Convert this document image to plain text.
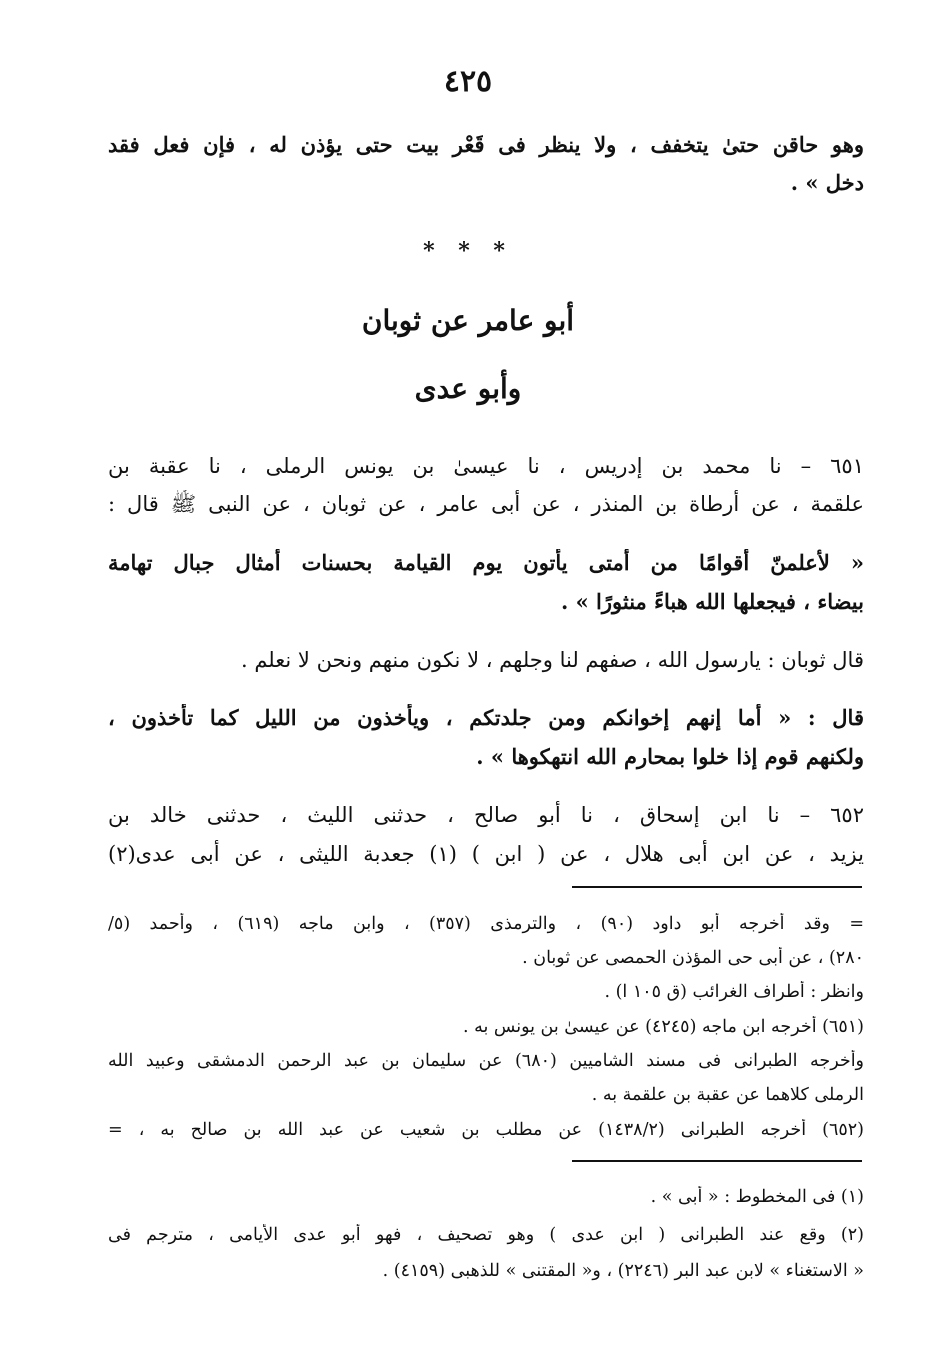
٤٢٥
وهو حاقن حتىٰ يتخفف ، ولا ينظر فى قَعْر بيت حتى يؤذن له ، فإن فعل فقد
دخل » .
* * *
أبو عامر عن ثوبان
وأبو عدى
٦٥١ – نا محمد بن إدريس ، نا عيسىٰ بن يونس الرملى ، نا عقبة بن
علقمة ، عن أرطاة بن المنذر ، عن أبى عامر ، عن ثوبان ، عن النبى ﷺ قال :
« لأعلمنّ أقوامًا من أمتى يأتون يوم القيامة بحسنات أمثال جبال تهامة
بيضاء ، فيجعلها الله هباءً منثورًا » .
قال ثوبان : يارسول الله ، صفهم لنا وجلهم ، لا نكون منهم ونحن لا نعلم .
قال : « أما إنهم إخوانكم ومن جلدتكم ، ويأخذون من الليل كما تأخذون ،
ولكنهم قوم إذا خلوا بمحارم الله انتهكوها » .
٦٥٢ – نا ابن إسحاق ، نا أبو صالح ، حدثنى الليث ، حدثنى خالد بن
يزيد ، عن ابن أبى هلال ، عن ( ابن ) (١) جعدبة الليثى ، عن أبى عدى(٢)
= وقد أخرجه أبو داود (٩٠) ، والترمذى (٣٥٧) ، وابن ماجه (٦١٩) ، وأحمد (٥/
٢٨٠) ، عن أبى حى المؤذن الحمصى عن ثوبان .
وانظر : أطراف الغرائب (ق ١٠٥ ا) .
(٦٥١) أخرجه ابن ماجه (٤٢٤٥) عن عيسىٰ بن يونس به .
وأخرجه الطبرانى فى مسند الشاميين (٦٨٠) عن سليمان بن عبد الرحمن الدمشقى وعبيد الله
الرملى كلاهما عن عقبة بن علقمة به .
(٦٥٢) أخرجه الطبرانى (١٤٣٨/٢) عن مطلب بن شعيب عن عبد الله بن صالح به ، =
(١) فى المخطوط : « أبى » .
(٢) وقع عند الطبرانى ( ابن عدى ) وهو تصحيف ، فهو أبو عدى الأيامى ، مترجم فى
« الاستغناء » لابن عبد البر (٢٢٤٦) ، و« المقتنى » للذهبى (٤١٥٩) .
